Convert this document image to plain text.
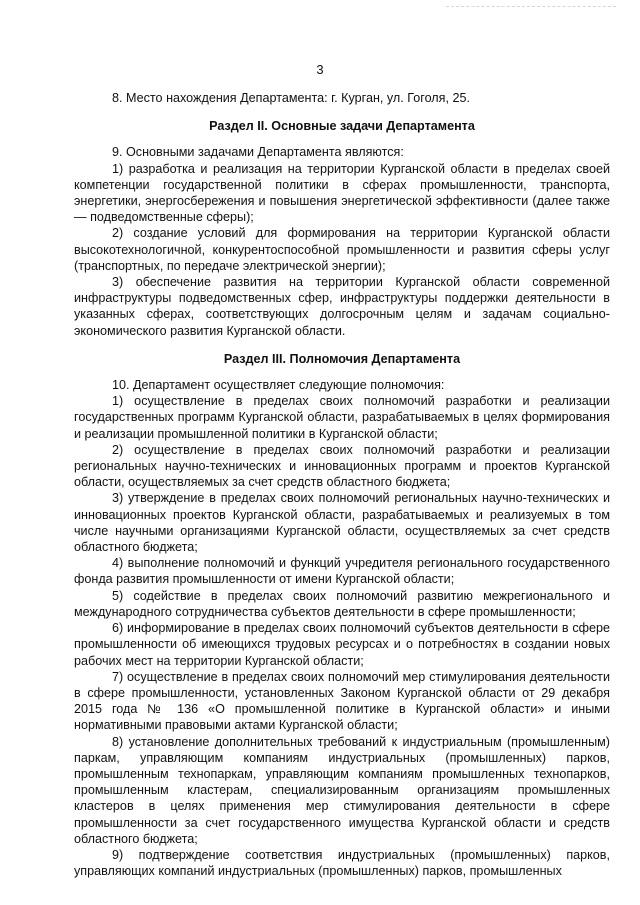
3

8. Место нахождения Департамента: г. Курган, ул. Гоголя, 25.

Раздел II. Основные задачи Департамента

9. Основными задачами Департамента являются:

1) разработка и реализация на территории Курганской области в пределах своей компетенции государственной политики в сферах промышленности, транспорта, энергетики, энергосбережения и повышения энергетической эффективности (далее также — подведомственные сферы);

2) создание условий для формирования на территории Курганской области высокотехнологичной, конкурентоспособной промышленности и развития сферы услуг (транспортных, по передаче электрической энергии);

3) обеспечение развития на территории Курганской области современной инфраструктуры подведомственных сфер, инфраструктуры поддержки деятельности в указанных сферах, соответствующих долгосрочным целям и задачам социально-экономического развития Курганской области.

Раздел III. Полномочия Департамента

10. Департамент осуществляет следующие полномочия:

1) осуществление в пределах своих полномочий разработки и реализации государственных программ Курганской области, разрабатываемых в целях формирования и реализации промышленной политики в Курганской области;

2) осуществление в пределах своих полномочий разработки и реализации региональных научно-технических и инновационных программ и проектов Курганской области, осуществляемых за счет средств областного бюджета;

3) утверждение в пределах своих полномочий региональных научно-технических и инновационных проектов Курганской области, разрабатываемых и реализуемых в том числе научными организациями Курганской области, осуществляемых за счет средств областного бюджета;

4) выполнение полномочий и функций учредителя регионального государственного фонда развития промышленности от имени Курганской области;

5) содействие в пределах своих полномочий развитию межрегионального и международного сотрудничества субъектов деятельности в сфере промышленности;

6) информирование в пределах своих полномочий субъектов деятельности в сфере промышленности об имеющихся трудовых ресурсах и о потребностях в создании новых рабочих мест на территории Курганской области;

7) осуществление в пределах своих полномочий мер стимулирования деятельности в сфере промышленности, установленных Законом Курганской области от 29 декабря 2015 года № 136 «О промышленной политике в Курганской области» и иными нормативными правовыми актами Курганской области;

8) установление дополнительных требований к индустриальным (промышленным) паркам, управляющим компаниям индустриальных (промышленных) парков, промышленным технопаркам, управляющим компаниям промышленных технопарков, промышленным кластерам, специализированным организациям промышленных кластеров в целях применения мер стимулирования деятельности в сфере промышленности за счет государственного имущества Курганской области и средств областного бюджета;

9) подтверждение соответствия индустриальных (промышленных) парков, управляющих компаний индустриальных (промышленных) парков, промышленных
